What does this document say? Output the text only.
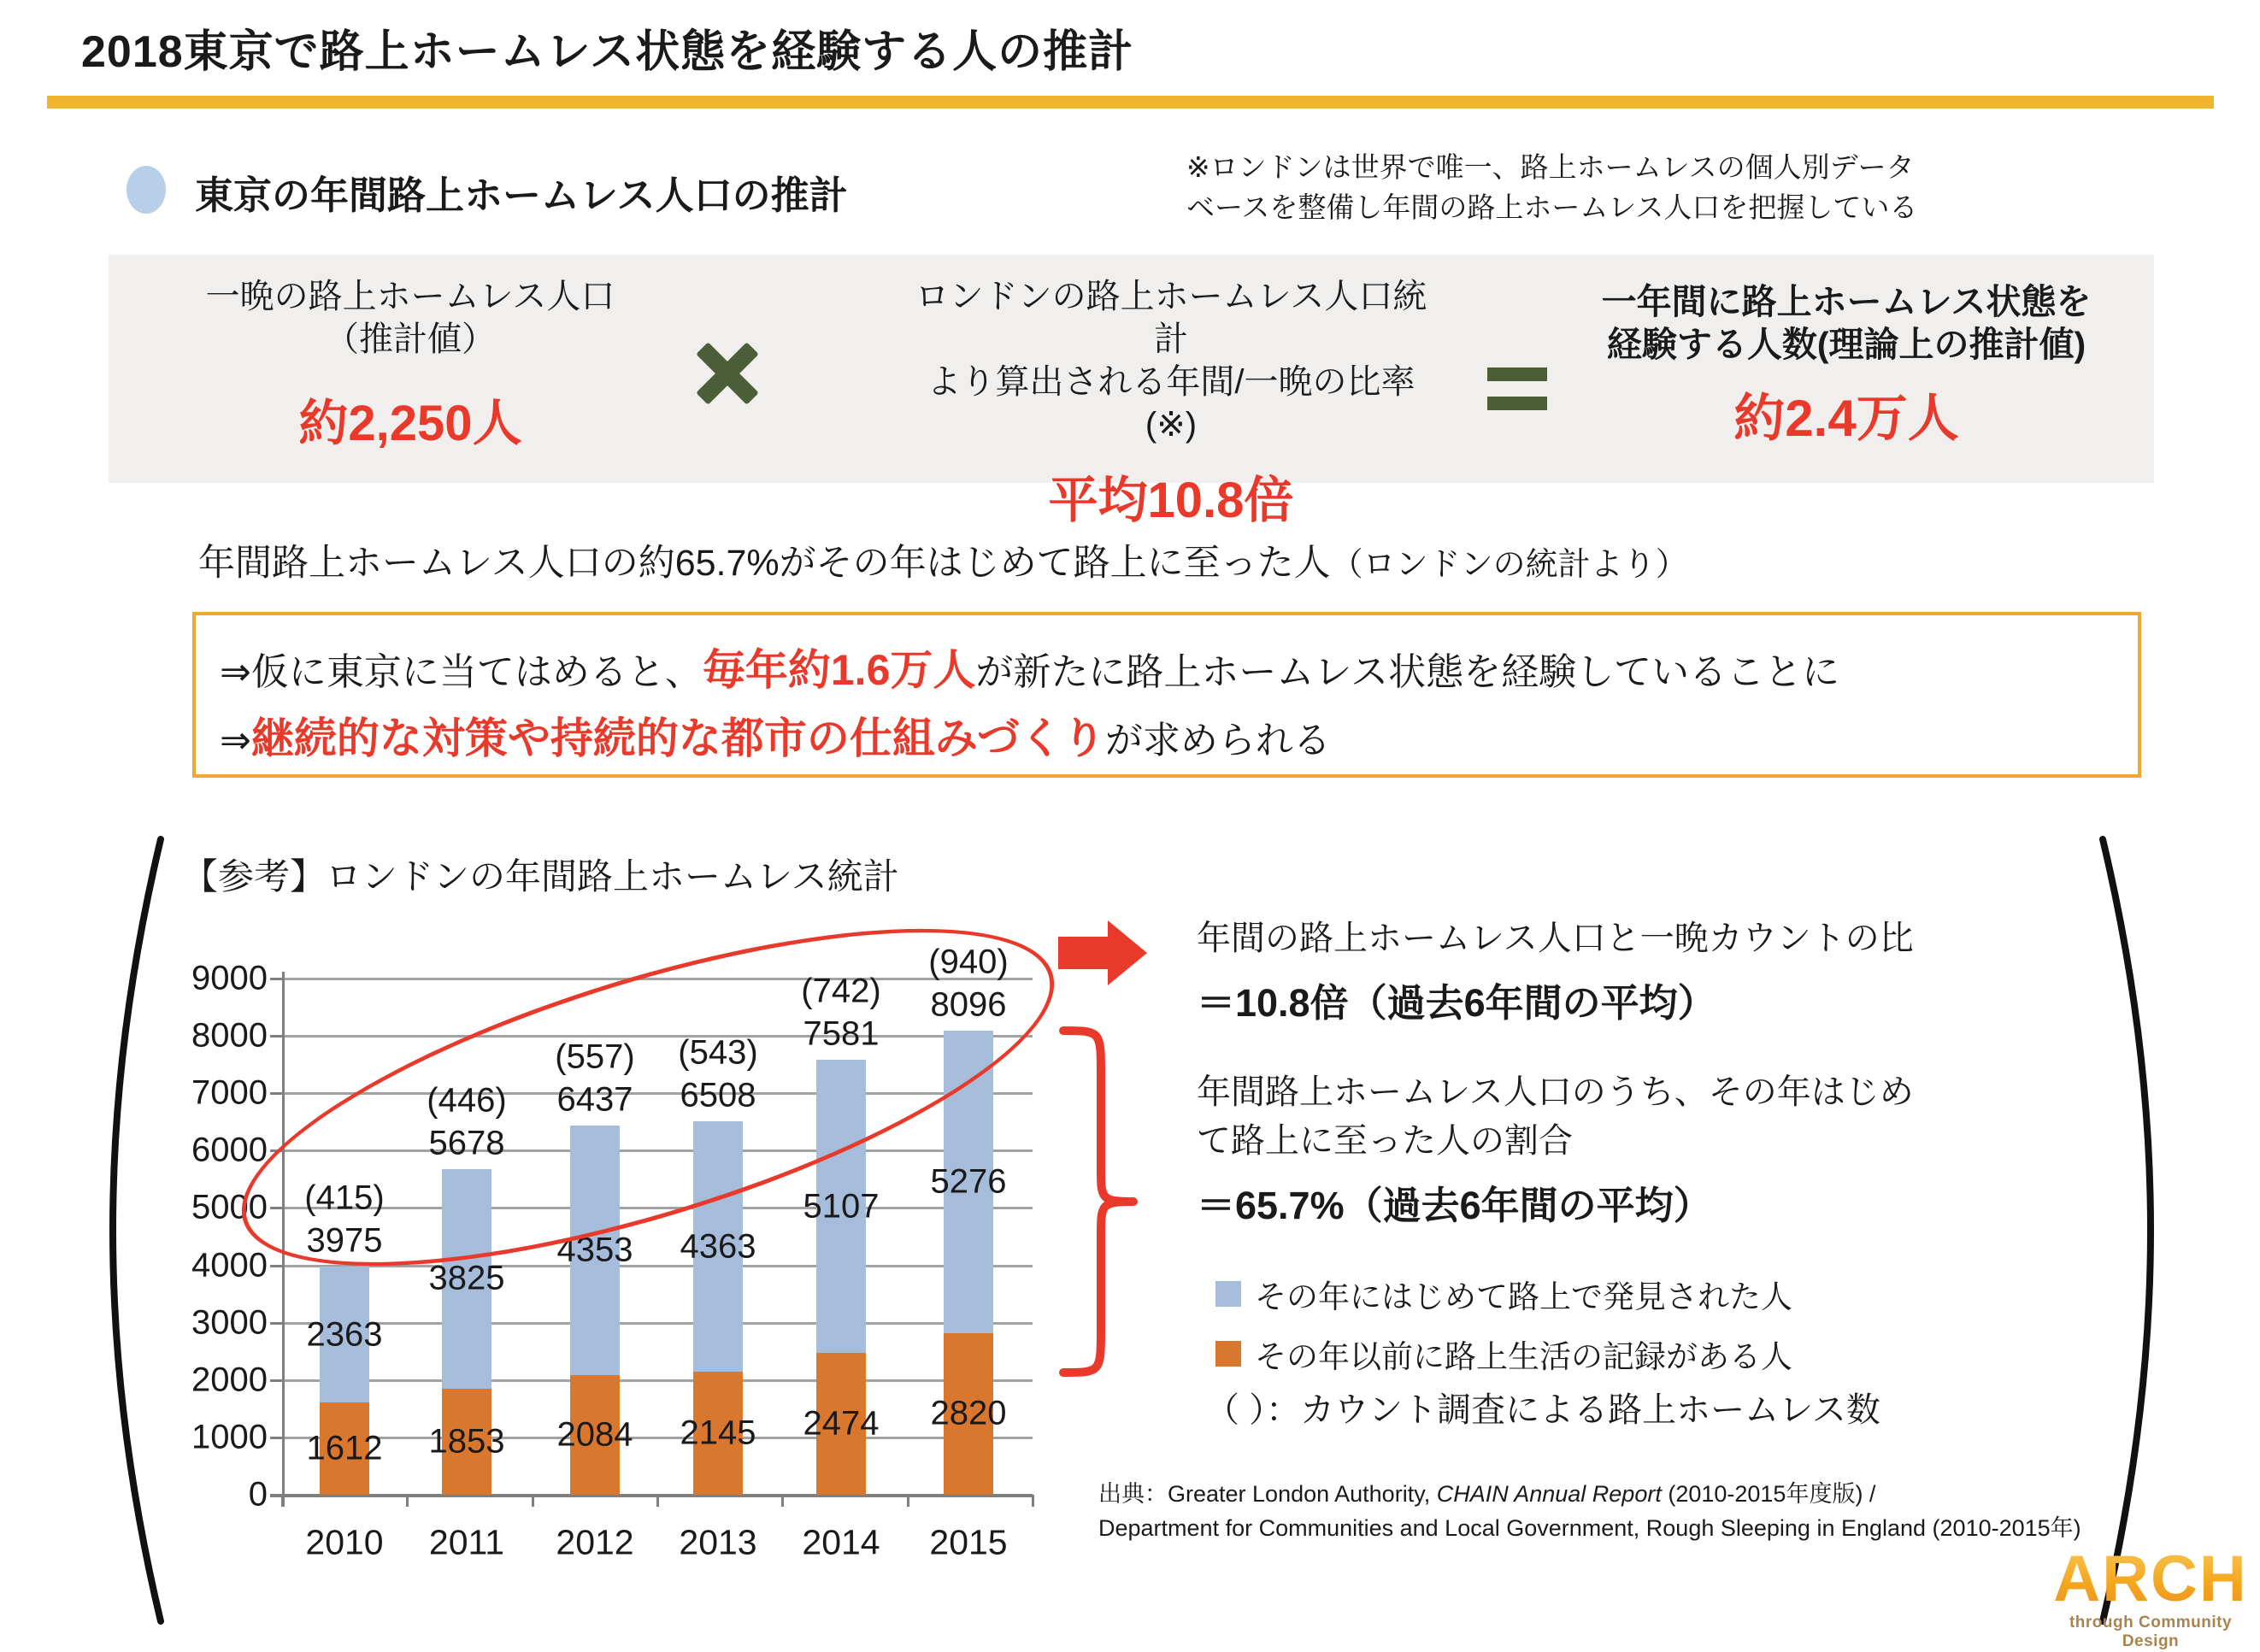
2018東京で路上ホームレス状態を経験する人の推計
東京の年間路上ホームレス人口の推計
※ロンドンは世界で唯一、路上ホームレスの個人別データ
ベースを整備し年間の路上ホームレス人口を把握している
一晩の路上ホームレス人口
（推計値）
約2,250人
ロンドンの路上ホームレス人口統計
より算出される年間/一晩の比率(※)
平均10.8倍
一年間に路上ホームレス状態を
経験する人数(理論上の推計値)
約2.4万人
年間路上ホームレス人口の約65.7%がその年はじめて路上に至った人（ロンドンの統計より）
⇒仮に東京に当てはめると、毎年約1.6万人が新たに路上ホームレス状態を経験していることに
⇒継続的な対策や持続的な都市の仕組みづくりが求められる
【参考】ロンドンの年間路上ホームレス統計
0
1000
2000
3000
4000
5000
6000
7000
8000
9000
1612
2363
3975
(415)
2010
1853
3825
5678
(446)
2011
2084
4353
6437
(557)
2012
2145
4363
6508
(543)
2013
2474
5107
7581
(742)
2014
2820
5276
8096
(940)
2015
年間の路上ホームレス人口と一晩カウントの比
＝10.8倍（過去6年間の平均）
年間路上ホームレス人口のうち、その年はじめ
て路上に至った人の割合
＝65.7%（過去6年間の平均）
その年にはじめて路上で発見された人
その年以前に路上生活の記録がある人
（ ）：カウント調査による路上ホームレス数
出典：Greater London Authority, CHAIN Annual Report (2010-2015年度版) /
Department for Communities and Local Government, Rough Sleeping in England (2010-2015年)
ARCH
through Community Design
